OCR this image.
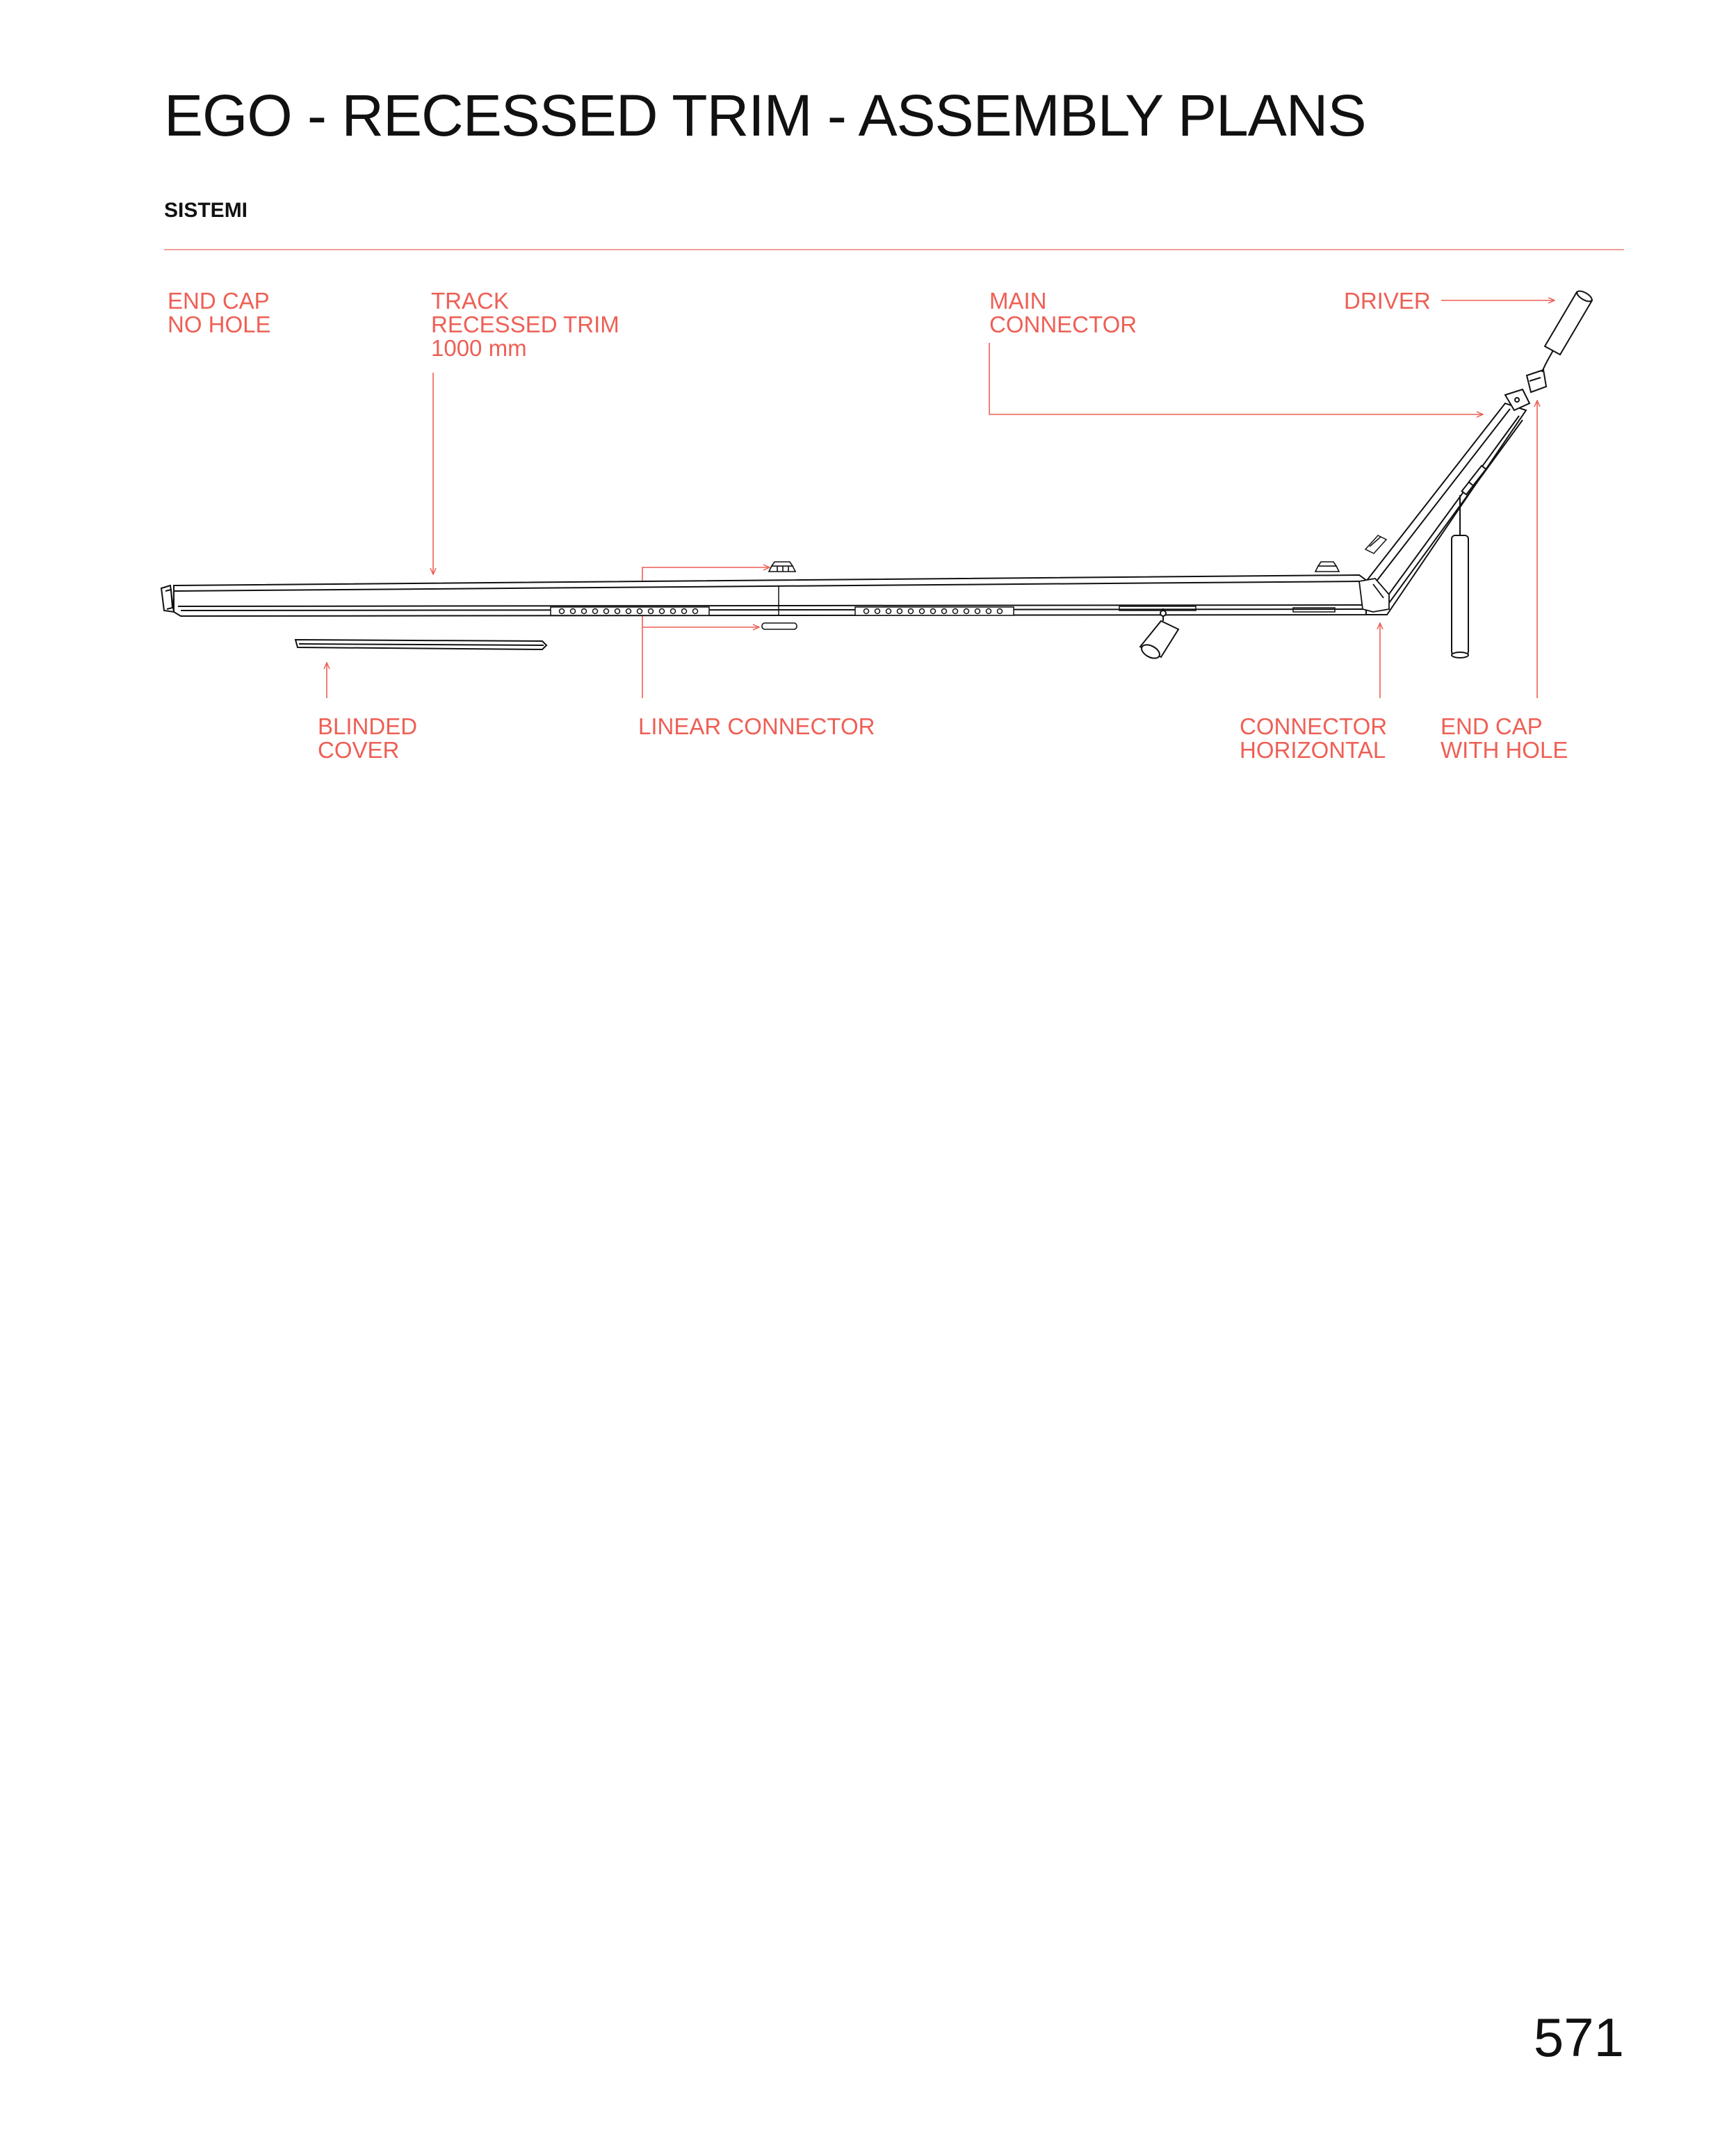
EGO - RECESSED TRIM - ASSEMBLY PLANS
SISTEMI
END CAP
NO HOLE
TRACK
RECESSED TRIM
1000 mm
MAIN
CONNECTOR
DRIVER
BLINDED
COVER
LINEAR CONNECTOR	CONNECTOR
HORIZONTAL
END CAP
WITH HOLE
571
